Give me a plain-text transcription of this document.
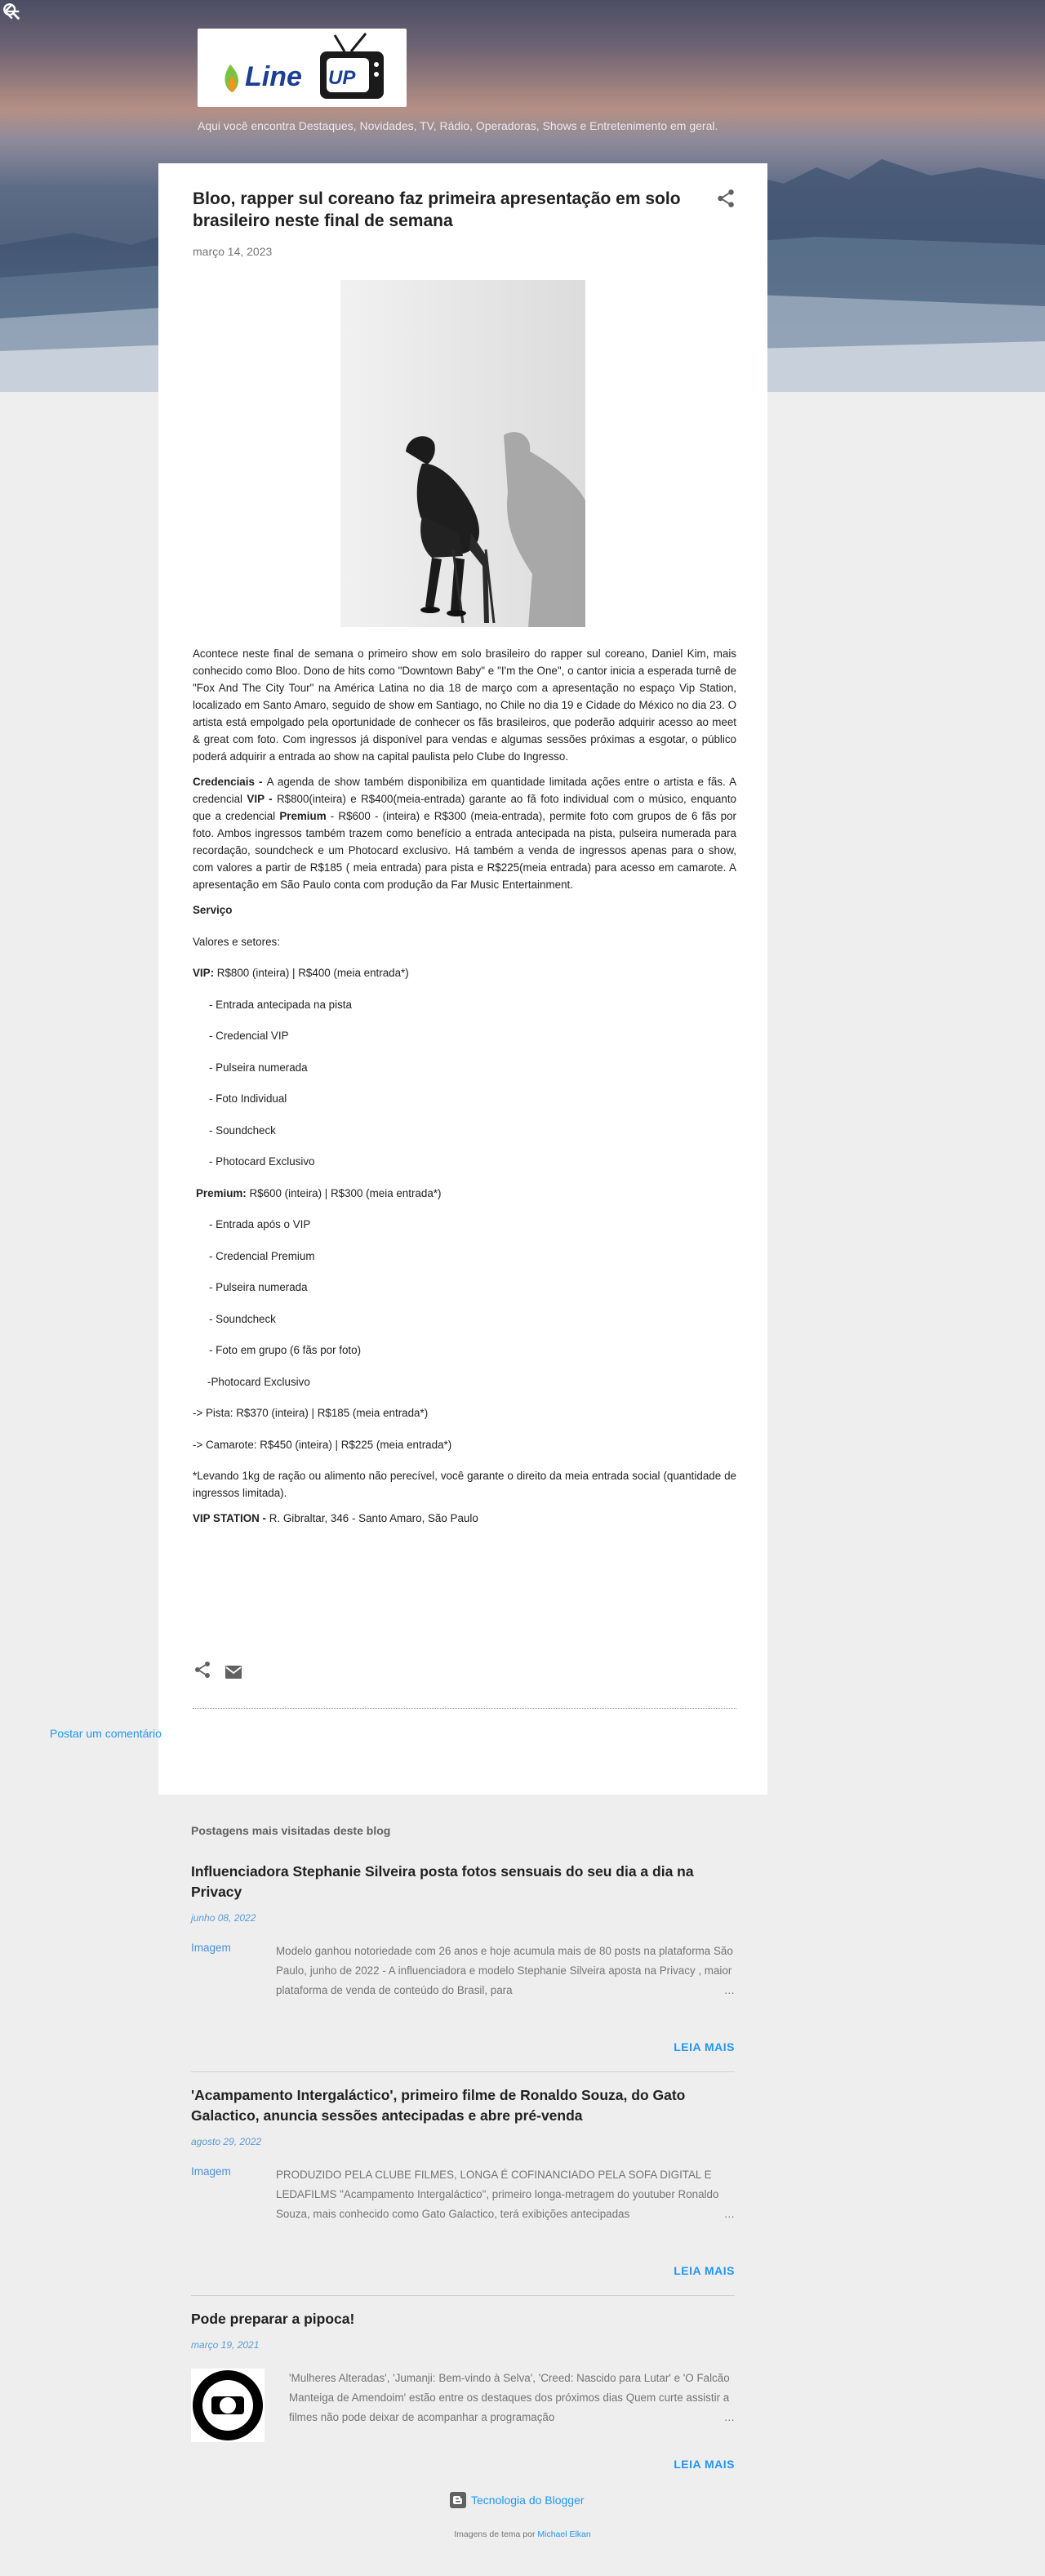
Line UP
Aqui você encontra Destaques, Novidades, TV, Rádio, Operadoras, Shows e Entretenimento em geral.
Bloo, rapper sul coreano faz primeira apresentação em solo brasileiro neste final de semana
março 14, 2023

Acontece neste final de semana o primeiro show em solo brasileiro do rapper sul coreano, Daniel Kim, mais conhecido como Bloo. Dono de hits como "Downtown Baby" e "I'm the One", o cantor inicia a esperada turnê de "Fox And The City Tour" na América Latina no dia 18 de março com a apresentação no espaço Vip Station, localizado em Santo Amaro, seguido de show em Santiago, no Chile no dia 19 e Cidade do México no dia 23. O artista está empolgado pela oportunidade de conhecer os fãs brasileiros, que poderão adquirir acesso ao meet & great com foto. Com ingressos já disponível para vendas e algumas sessões próximas a esgotar, o público poderá adquirir a entrada ao show na capital paulista pelo Clube do Ingresso.

Credenciais - A agenda de show também disponibiliza em quantidade limitada ações entre o artista e fãs. A credencial VIP - R$800(inteira) e R$400(meia-entrada) garante ao fã foto individual com o músico, enquanto que a credencial Premium - R$600 - (inteira) e R$300 (meia-entrada), permite foto com grupos de 6 fãs por foto. Ambos ingressos também trazem como benefício a entrada antecipada na pista, pulseira numerada para recordação, soundcheck e um Photocard exclusivo. Há também a venda de ingressos apenas para o show, com valores a partir de R$185 ( meia entrada) para pista e R$225(meia entrada) para acesso em camarote. A apresentação em São Paulo conta com produção da Far Music Entertainment.

Serviço
Valores e setores:
VIP: R$800 (inteira) | R$400 (meia entrada*)
- Entrada antecipada na pista
- Credencial VIP
- Pulseira numerada
- Foto Individual
- Soundcheck
- Photocard Exclusivo
Premium: R$600 (inteira) | R$300 (meia entrada*)
- Entrada após o VIP
- Credencial Premium
- Pulseira numerada
- Soundcheck
- Foto em grupo (6 fãs por foto)
-Photocard Exclusivo
-> Pista: R$370 (inteira) | R$185 (meia entrada*)
-> Camarote: R$450 (inteira) | R$225 (meia entrada*)

*Levando 1kg de ração ou alimento não perecível, você garante o direito da meia entrada social (quantidade de ingressos limitada).

VIP STATION - R. Gibraltar, 346 - Santo Amaro, São Paulo
Postar um comentário
Postagens mais visitadas deste blog
Influenciadora Stephanie Silveira posta fotos sensuais do seu dia a dia na Privacy
junho 08, 2022
Imagem	Modelo ganhou notoriedade com 26 anos e hoje acumula mais de 80 posts na plataforma São Paulo, junho de 2022 - A influenciadora e modelo Stephanie Silveira aposta na Privacy , maior plataforma de venda de conteúdo do Brasil, para	…
LEIA MAIS
'Acampamento Intergaláctico', primeiro filme de Ronaldo Souza, do Gato Galactico, anuncia sessões antecipadas e abre pré-venda
agosto 29, 2022
Imagem	PRODUZIDO PELA CLUBE FILMES, LONGA É COFINANCIADO PELA SOFA DIGITAL E LEDAFILMS "Acampamento Intergaláctico", primeiro longa-metragem do youtuber Ronaldo Souza, mais conhecido como Gato Galactico, terá exibições antecipadas	…
LEIA MAIS
Pode preparar a pipoca!
março 19, 2021
'Mulheres Alteradas', 'Jumanji: Bem-vindo à Selva', 'Creed: Nascido para Lutar' e 'O Falcão Manteiga de Amendoim' estão entre os destaques dos próximos dias Quem curte assistir a filmes não pode deixar de acompanhar a programação	…
LEIA MAIS
Tecnologia do Blogger
Imagens de tema por Michael Elkan
